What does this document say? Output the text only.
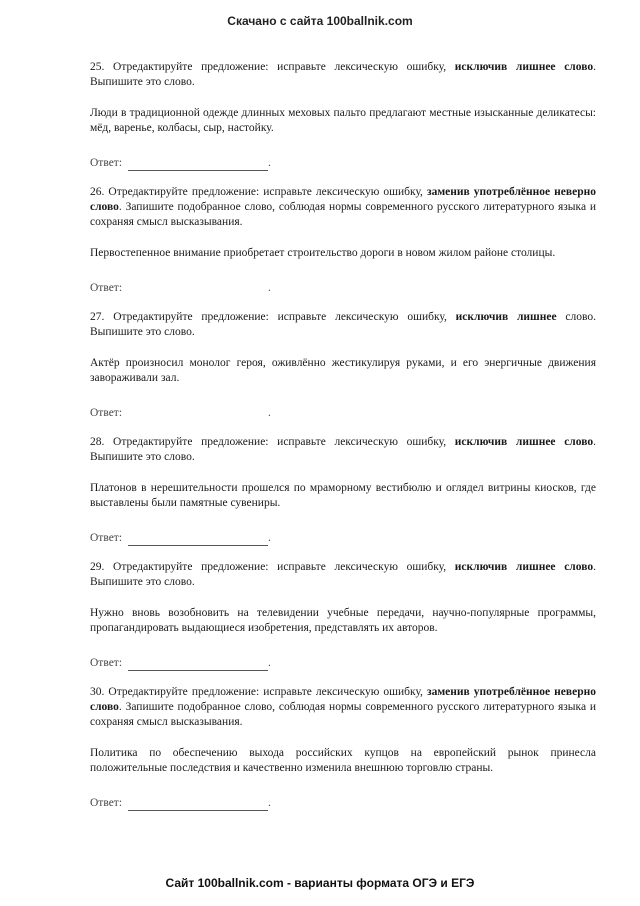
Скачано с сайта 100ballnik.com

25. Отредактируйте предложение: исправьте лексическую ошибку, исключив лишнее слово. Выпишите это слово.

Люди в традиционной одежде длинных меховых пальто предлагают местные изысканные деликатесы: мёд, варенье, колбасы, сыр, настойку.

Ответ:	.

26. Отредактируйте предложение: исправьте лексическую ошибку, заменив употреблённое неверно слово. Запишите подобранное слово, соблюдая нормы современного русского литературного языка и сохраняя смысл высказывания.

Первостепенное внимание приобретает строительство дороги в новом жилом районе столицы.

Ответ:	.

27. Отредактируйте предложение: исправьте лексическую ошибку, исключив лишнее слово. Выпишите это слово.

Актёр произносил монолог героя, оживлённо жестикулируя руками, и его энергичные движения завораживали зал.

Ответ:	.

28. Отредактируйте предложение: исправьте лексическую ошибку, исключив лишнее слово. Выпишите это слово.

Платонов в нерешительности прошелся по мраморному вестибюлю и оглядел витрины киосков, где выставлены были памятные сувениры.

Ответ:	.

29. Отредактируйте предложение: исправьте лексическую ошибку, исключив лишнее слово. Выпишите это слово.

Нужно вновь возобновить на телевидении учебные передачи, научно-популярные программы, пропагандировать выдающиеся изобретения, представлять их авторов.

Ответ:	.

30. Отредактируйте предложение: исправьте лексическую ошибку, заменив употреблённое неверно слово. Запишите подобранное слово, соблюдая нормы современного русского литературного языка и сохраняя смысл высказывания.

Политика по обеспечению выхода российских купцов на европейский рынок принесла положительные последствия и качественно изменила внешнюю торговлю страны.

Ответ:	.
Сайт 100ballnik.com - варианты формата ОГЭ и ЕГЭ
